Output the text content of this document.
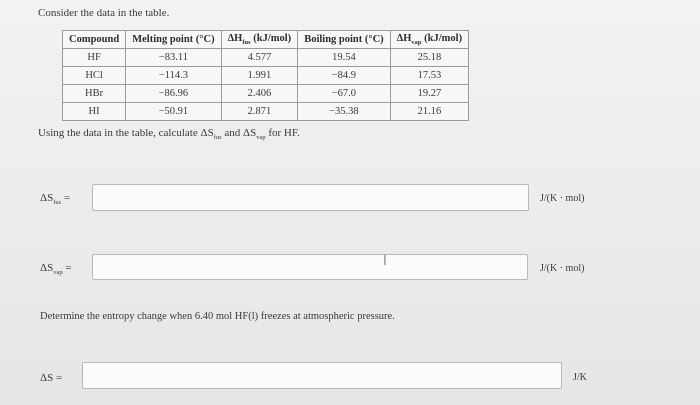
Consider the data in the table.
Compound	Melting point (°C)	$\Delta H_{fus}$ (kJ/mol)	Boiling point (°C)	$\Delta H_{vap}$ (kJ/mol)
HF	−83.11	4.577	19.54	25.18
HCl	−114.3	1.991	−84.9	17.53
HBr	−86.96	2.406	−67.0	19.27
HI	−50.91	2.871	−35.38	21.16
Using the data in the table, calculate $\Delta S_{fus}$ and $\Delta S_{vap}$ for HF.
$\Delta S_{fus}$ =	J/(K · mol)
$\Delta S_{vap}$ =	J/(K · mol)
I
Determine the entropy change when 6.40 mol HF(l) freezes at atmospheric pressure.
ΔS =	J/K
